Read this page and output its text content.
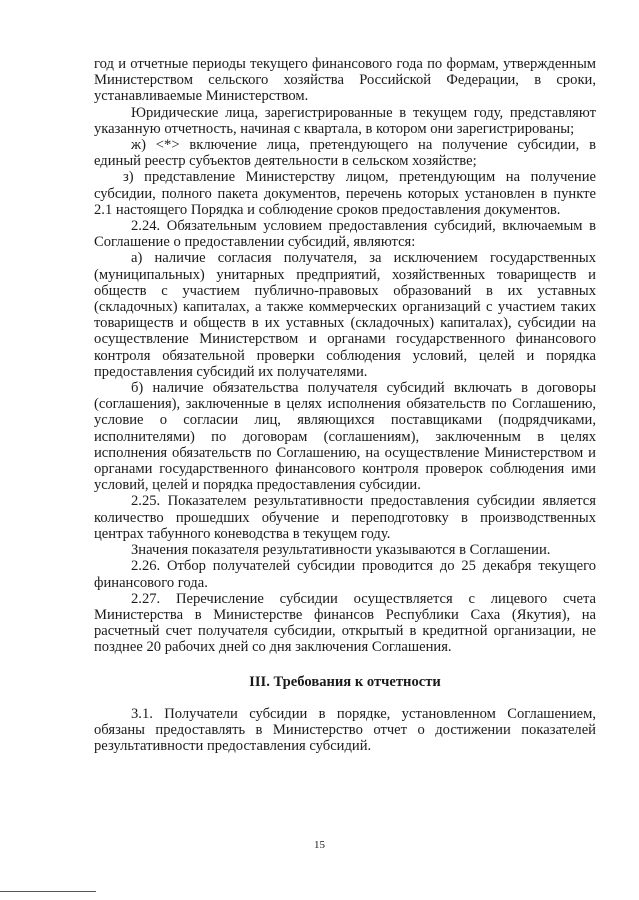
год и отчетные периоды текущего финансового года по формам, утвержденным Министерством сельского хозяйства Российской Федерации, в сроки, устанавливаемые Министерством.

Юридические лица, зарегистрированные в текущем году, представляют указанную отчетность, начиная с квартала, в котором они зарегистрированы;

ж) <*> включение лица, претендующего на получение субсидии, в единый реестр субъектов деятельности в сельском хозяйстве;

з) представление Министерству лицом, претендующим на получение субсидии, полного пакета документов, перечень которых установлен в пункте 2.1 настоящего Порядка и соблюдение сроков предоставления документов.

2.24. Обязательным условием предоставления субсидий, включаемым в Соглашение о предоставлении субсидий, являются:

а) наличие согласия получателя, за исключением государственных (муниципальных) унитарных предприятий, хозяйственных товариществ и обществ с участием публично-правовых образований в их уставных (складочных) капиталах, а также коммерческих организаций с участием таких товариществ и обществ в их уставных (складочных) капиталах), субсидии на осуществление Министерством и органами государственного финансового контроля обязательной проверки соблюдения условий, целей и порядка предоставления субсидий их получателями.

б) наличие обязательства получателя субсидий включать в договоры (соглашения), заключенные в целях исполнения обязательств по Соглашению, условие о согласии лиц, являющихся поставщиками (подрядчиками, исполнителями) по договорам (соглашениям), заключенным в целях исполнения обязательств по Соглашению, на осуществление Министерством и органами государственного финансового контроля проверок соблюдения ими условий, целей и порядка предоставления субсидии.

2.25. Показателем результативности предоставления субсидии является количество прошедших обучение и переподготовку в производственных центрах табунного коневодства в текущем году.

Значения показателя результативности указываются в Соглашении.

2.26. Отбор получателей субсидии проводится до 25 декабря текущего финансового года.

2.27. Перечисление субсидии осуществляется с лицевого счета Министерства в Министерстве финансов Республики Саха (Якутия), на расчетный счет получателя субсидии, открытый в кредитной организации, не позднее 20 рабочих дней со дня заключения Соглашения.

III. Требования к отчетности

3.1. Получатели субсидии в порядке, установленном Соглашением, обязаны предоставлять в Министерство отчет о достижении показателей результативности предоставления субсидий.

15
